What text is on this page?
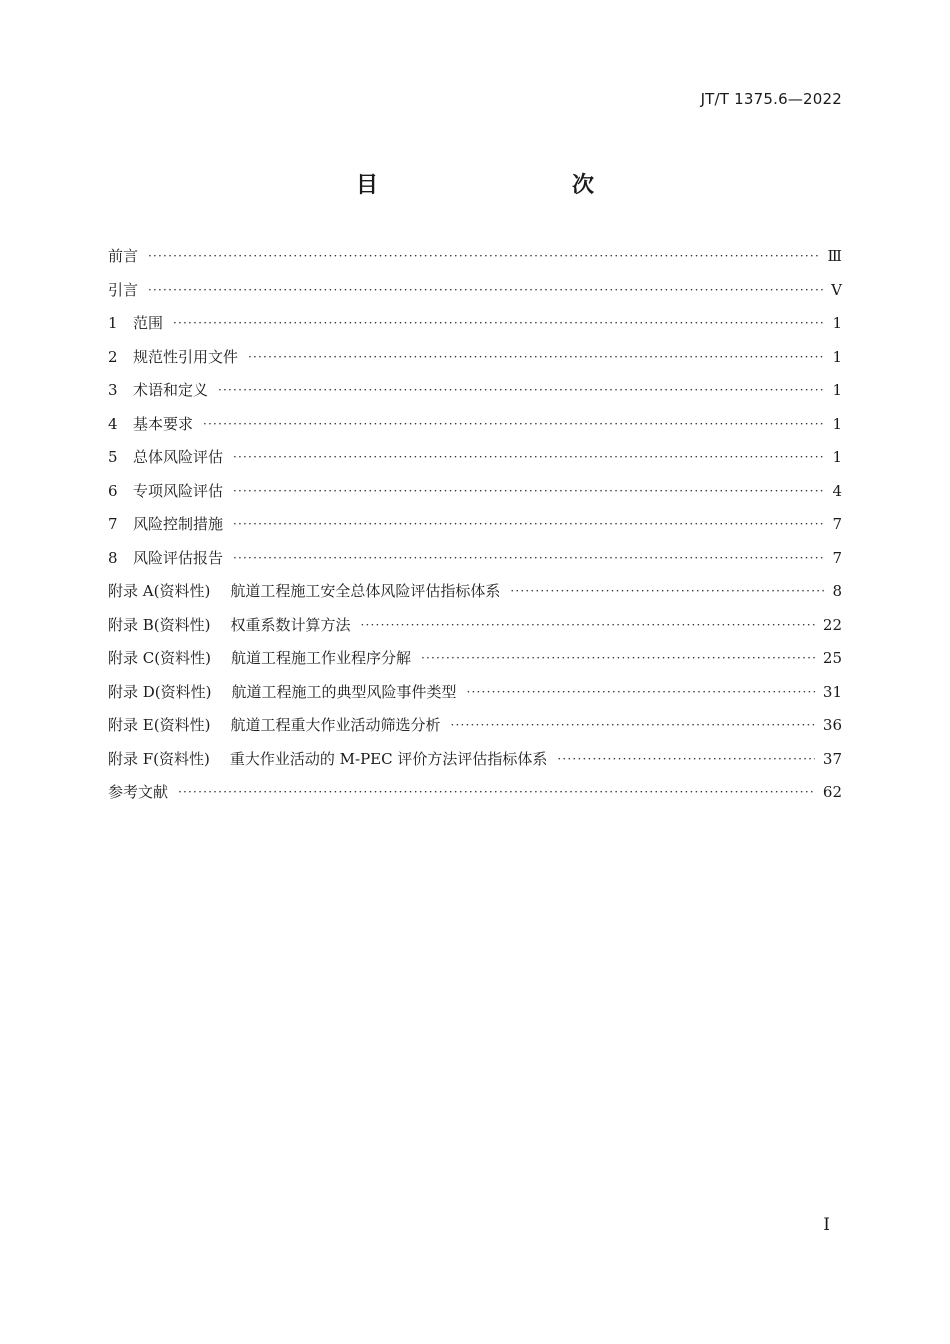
JT/T 1375.6—2022
目　　次
前言 ·····	Ⅲ
引言 ·····	Ⅴ
1	范围 ·····	1
2	规范性引用文件 ·····	1
3	术语和定义 ·····	1
4	基本要求 ·····	1
5	总体风险评估 ·····	1
6	专项风险评估 ·····	4
7	风险控制措施 ·····	7
8	风险评估报告 ·····	7
附录 A(资料性) 航道工程施工安全总体风险评估指标体系 ·····	8
附录 B(资料性) 权重系数计算方法 ·····	22
附录 C(资料性) 航道工程施工作业程序分解 ·····	25
附录 D(资料性) 航道工程施工的典型风险事件类型 ·····	31
附录 E(资料性) 航道工程重大作业活动筛选分析 ·····	36
附录 F(资料性) 重大作业活动的 M-PEC 评价方法评估指标体系 ·····	37
参考文献 ·····	62
Ⅰ
